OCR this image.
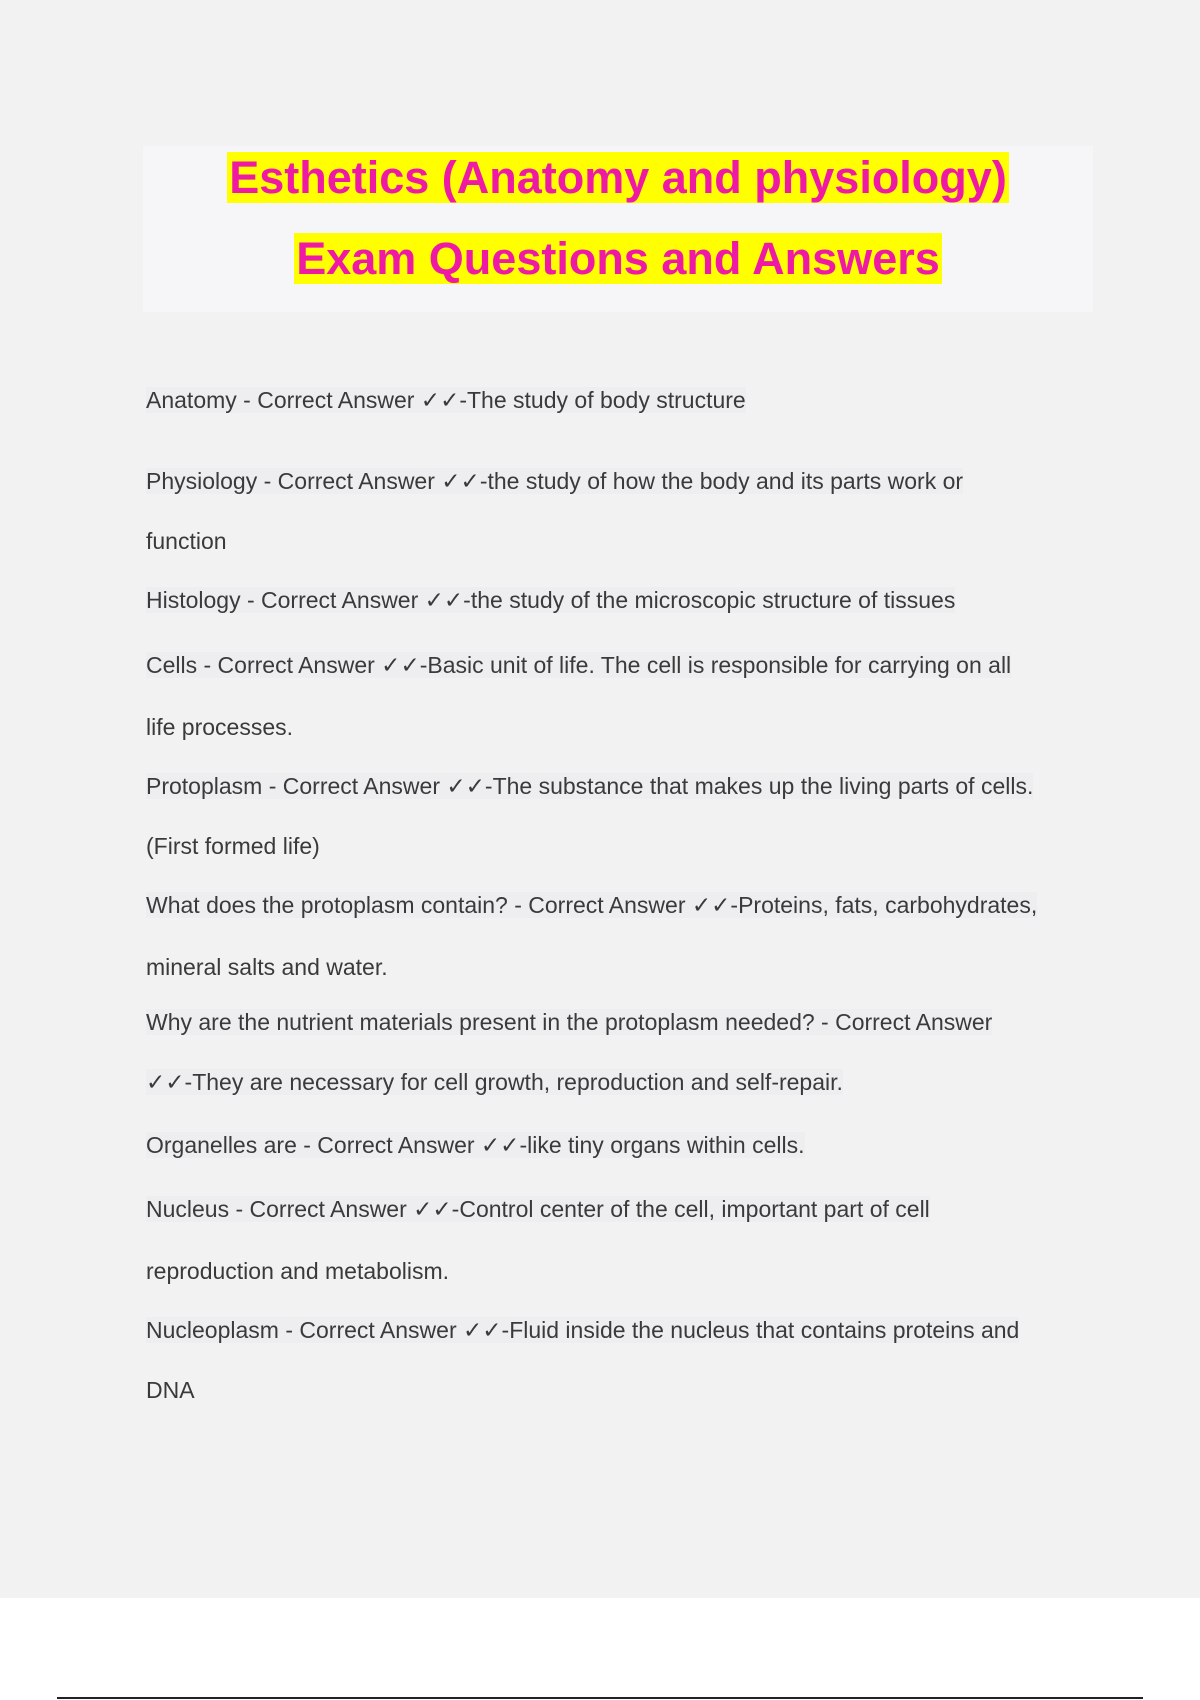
Esthetics (Anatomy and physiology)
Exam Questions and Answers
Anatomy - Correct Answer ✓✓-The study of body structure
Physiology - Correct Answer ✓✓-the study of how the body and its parts work or
function
Histology - Correct Answer ✓✓-the study of the microscopic structure of tissues
Cells - Correct Answer ✓✓-Basic unit of life. The cell is responsible for carrying on all
life processes.
Protoplasm - Correct Answer ✓✓-The substance that makes up the living parts of cells.
(First formed life)
What does the protoplasm contain? - Correct Answer ✓✓-Proteins, fats, carbohydrates,
mineral salts and water.
Why are the nutrient materials present in the protoplasm needed? - Correct Answer
✓✓-They are necessary for cell growth, reproduction and self-repair.
Organelles are - Correct Answer ✓✓-like tiny organs within cells.
Nucleus - Correct Answer ✓✓-Control center of the cell, important part of cell
reproduction and metabolism.
Nucleoplasm - Correct Answer ✓✓-Fluid inside the nucleus that contains proteins and
DNA
